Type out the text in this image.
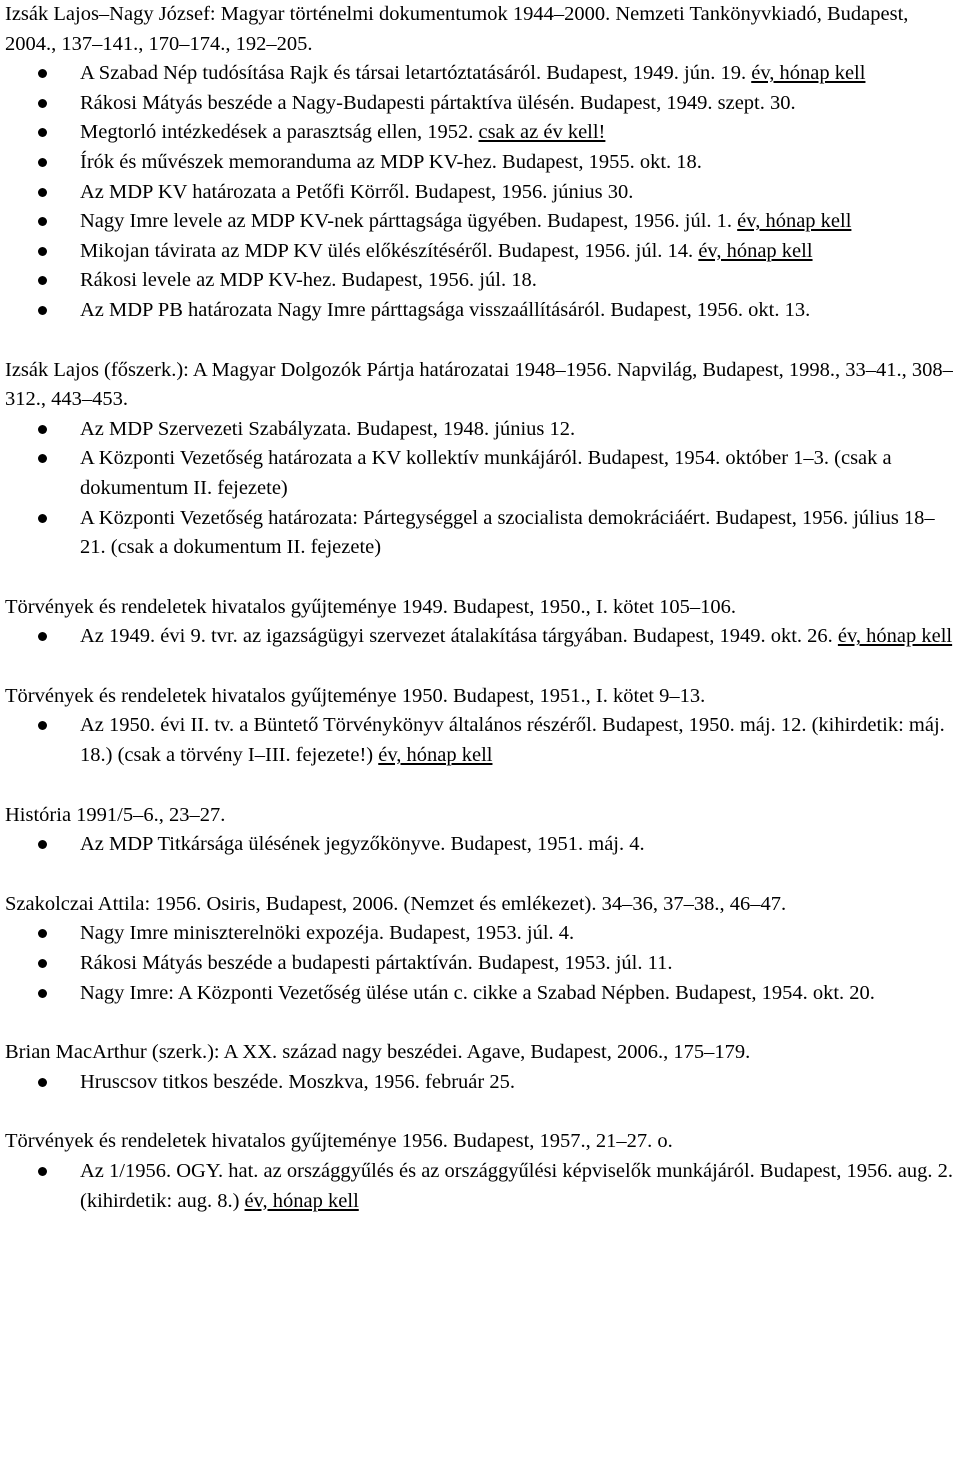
Izsák Lajos–Nagy József: Magyar történelmi dokumentumok 1944–2000. Nemzeti Tankönyvkiadó, Budapest, 2004., 137–141., 170–174., 192–205.

A Szabad Nép tudósítása Rajk és társai letartóztatásáról. Budapest, 1949. jún. 19. év, hónap kell
Rákosi Mátyás beszéde a Nagy-Budapesti pártaktíva ülésén. Budapest, 1949. szept. 30.
Megtorló intézkedések a parasztság ellen, 1952. csak az év kell!
Írók és művészek memoranduma az MDP KV-hez. Budapest, 1955. okt. 18.
Az MDP KV határozata a Petőfi Körről. Budapest, 1956. június 30.
Nagy Imre levele az MDP KV-nek párttagsága ügyében. Budapest, 1956. júl. 1. év, hónap kell
Mikojan távirata az MDP KV ülés előkészítéséről. Budapest, 1956. júl. 14. év, hónap kell
Rákosi levele az MDP KV-hez. Budapest, 1956. júl. 18.
Az MDP PB határozata Nagy Imre párttagsága visszaállításáról. Budapest, 1956. okt. 13.

Izsák Lajos (főszerk.): A Magyar Dolgozók Pártja határozatai 1948–1956. Napvilág, Budapest, 1998., 33–41., 308–312., 443–453.

Az MDP Szervezeti Szabályzata. Budapest, 1948. június 12.
A Központi Vezetőség határozata a KV kollektív munkájáról. Budapest, 1954. október 1–3. (csak a dokumentum II. fejezete)
A Központi Vezetőség határozata: Pártegységgel a szocialista demokráciáért. Budapest, 1956. július 18–21. (csak a dokumentum II. fejezete)

Törvények és rendeletek hivatalos gyűjteménye 1949. Budapest, 1950., I. kötet 105–106.

Az 1949. évi 9. tvr. az igazságügyi szervezet átalakítása tárgyában. Budapest, 1949. okt. 26. év, hónap kell

Törvények és rendeletek hivatalos gyűjteménye 1950. Budapest, 1951., I. kötet 9–13.

Az 1950. évi II. tv. a Büntető Törvénykönyv általános részéről. Budapest, 1950. máj. 12. (kihirdetik: máj. 18.) (csak a törvény I–III. fejezete!) év, hónap kell

História 1991/5–6., 23–27.

Az MDP Titkársága ülésének jegyzőkönyve. Budapest, 1951. máj. 4.

Szakolczai Attila: 1956. Osiris, Budapest, 2006. (Nemzet és emlékezet). 34–36, 37–38., 46–47.

Nagy Imre miniszterelnöki expozéja. Budapest, 1953. júl. 4.
Rákosi Mátyás beszéde a budapesti pártaktíván. Budapest, 1953. júl. 11.
Nagy Imre: A Központi Vezetőség ülése után c. cikke a Szabad Népben. Budapest, 1954. okt. 20.

Brian MacArthur (szerk.): A XX. század nagy beszédei. Agave, Budapest, 2006., 175–179.

Hruscsov titkos beszéde. Moszkva, 1956. február 25.

Törvények és rendeletek hivatalos gyűjteménye 1956. Budapest, 1957., 21–27. o.

Az 1/1956. OGY. hat. az országgyűlés és az országgyűlési képviselők munkájáról. Budapest, 1956. aug. 2. (kihirdetik: aug. 8.) év, hónap kell
